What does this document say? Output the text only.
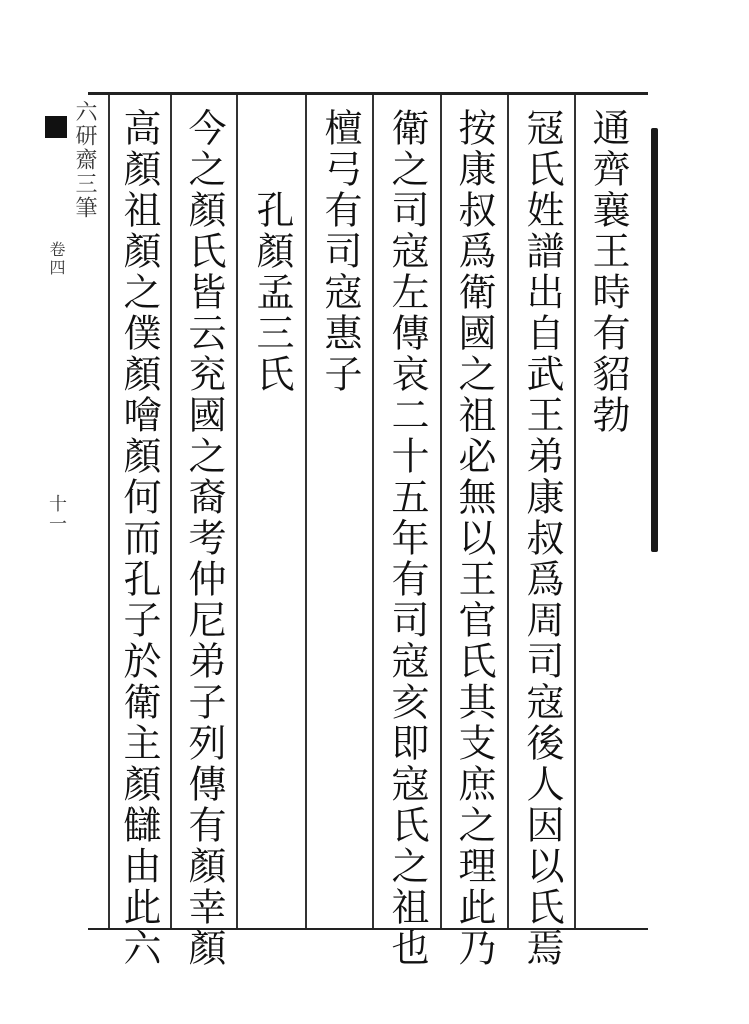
六研齋三筆
卷四 十一
通齊襄王時有貂勃
冦氏姓譜出自武王弟康叔爲周司寇後人因以氏焉
按康叔爲衛國之祖必無以王官氏其支庶之理此乃
衛之司寇左傳哀二十五年有司寇亥即寇氏之祖也
檀弓有司寇惠子
孔顏孟三氏
今之顏氏皆云兖國之裔考仲尼弟子列傳有顏幸顏
高顏祖顏之僕顏噲顏何而孔子於衛主顏讎由此六
